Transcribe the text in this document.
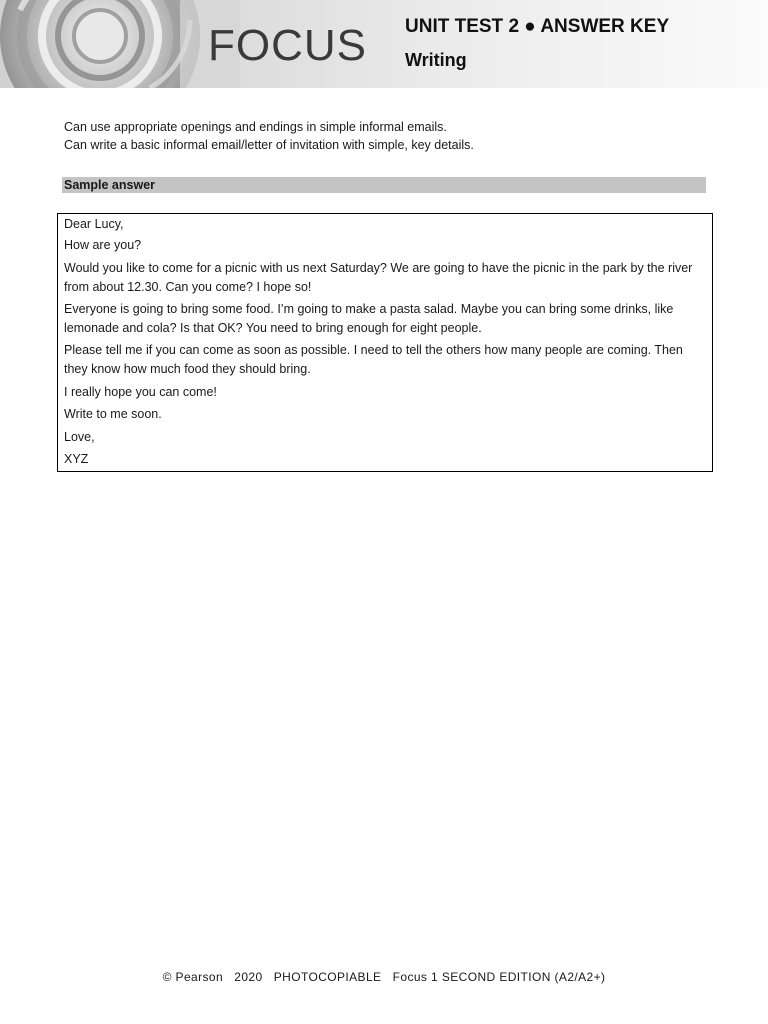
FOCUS UNIT TEST 2 ● ANSWER KEY
Writing
Can use appropriate openings and endings in simple informal emails.
Can write a basic informal email/letter of invitation with simple, key details.
Sample answer

Dear Lucy,

How are you?

Would you like to come for a picnic with us next Saturday? We are going to have the picnic in the park by the river from about 12.30. Can you come? I hope so!

Everyone is going to bring some food. I’m going to make a pasta salad. Maybe you can bring some drinks, like lemonade and cola? Is that OK? You need to bring enough for eight people.

Please tell me if you can come as soon as possible. I need to tell the others how many people are coming. Then they know how much food they should bring.

I really hope you can come!

Write to me soon.

Love,

XYZ

© Pearson 2020 PHOTOCOPIABLE Focus 1 SECOND EDITION (A2/A2+)
